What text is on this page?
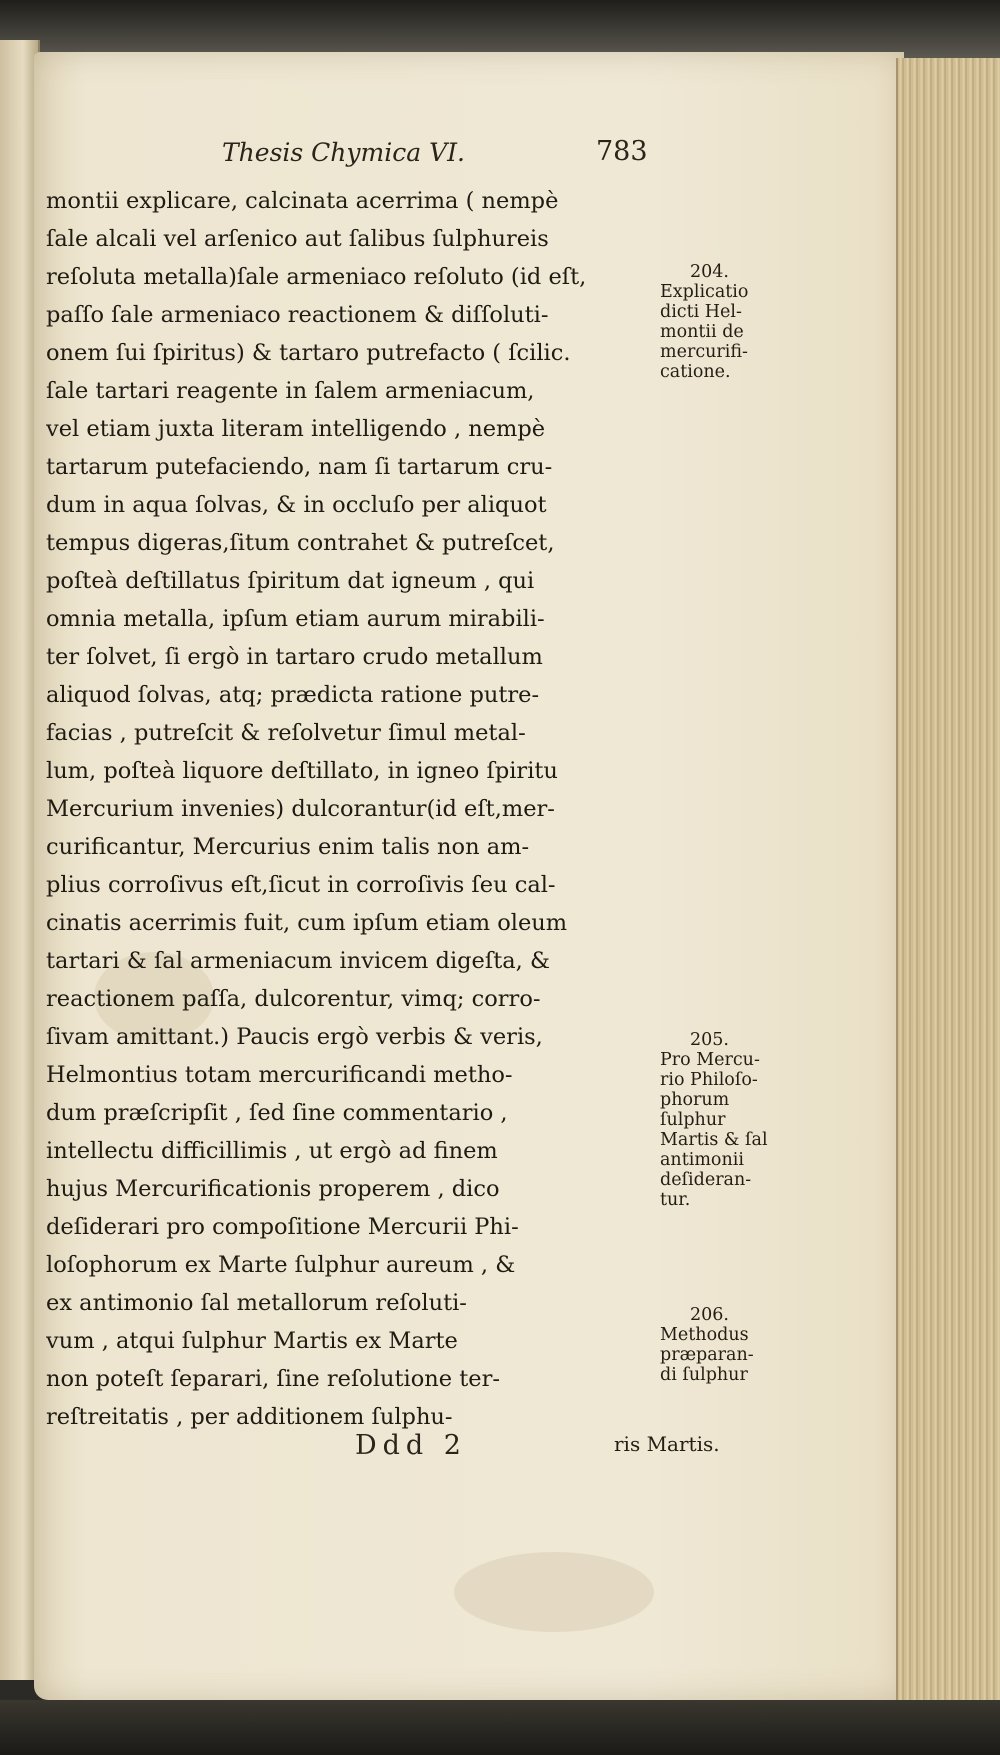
Thesis Chymica VI.	783
montii explicare, calcinata acerrima ( nempè
ſale alcali vel arſenico aut ſalibus ſulphureis
reſoluta metalla)ſale armeniaco reſoluto (id eſt,
paſſo ſale armeniaco reactionem & diſſoluti-
onem ſui ſpiritus) & tartaro putrefacto ( ſcilic.
ſale tartari reagente in ſalem armeniacum,
vel etiam juxta literam intelligendo , nempè
tartarum putefaciendo, nam ſi tartarum cru-
dum in aqua ſolvas, & in occluſo per aliquot
tempus digeras,ſitum contrahet & putreſcet,
poſteà deſtillatus ſpiritum dat igneum , qui
omnia metalla, ipſum etiam aurum mirabili-
ter ſolvet, ſi ergò in tartaro crudo metallum
aliquod ſolvas, atq; prædicta ratione putre-
facias , putreſcit & reſolvetur ſimul metal-
lum, poſteà liquore deſtillato, in igneo ſpiritu
Mercurium invenies) dulcorantur(id eſt,mer-
curificantur, Mercurius enim talis non am-
plius corroſivus eſt,ſicut in corroſivis ſeu cal-
cinatis acerrimis fuit, cum ipſum etiam oleum
tartari & ſal armeniacum invicem digeſta, &
reactionem paſſa, dulcorentur, vimq; corro-
ſivam amittant.) Paucis ergò verbis & veris,
Helmontius totam mercurificandi metho-
dum præſcripſit , ſed ſine commentario ,
intellectu difficillimis , ut ergò ad finem
hujus Mercurificationis properem , dico
deſiderari pro compoſitione Mercurii Phi-
loſophorum ex Marte ſulphur aureum , &
ex antimonio ſal metallorum reſoluti-
vum , atqui ſulphur Martis ex Marte
non poteſt ſeparari, ſine reſolutione ter-
reſtreitatis , per additionem ſulphu-
204.
Explicatio
dicti Hel-
montii de
mercurifi-
catione.
205.
Pro Mercu-
rio Philoſo-
phorum
ſulphur
Martis & ſal
antimonii
deſideran-
tur.
206.
Methodus
præparan-
di ſulphur
Ddd 2	ris Martis.
